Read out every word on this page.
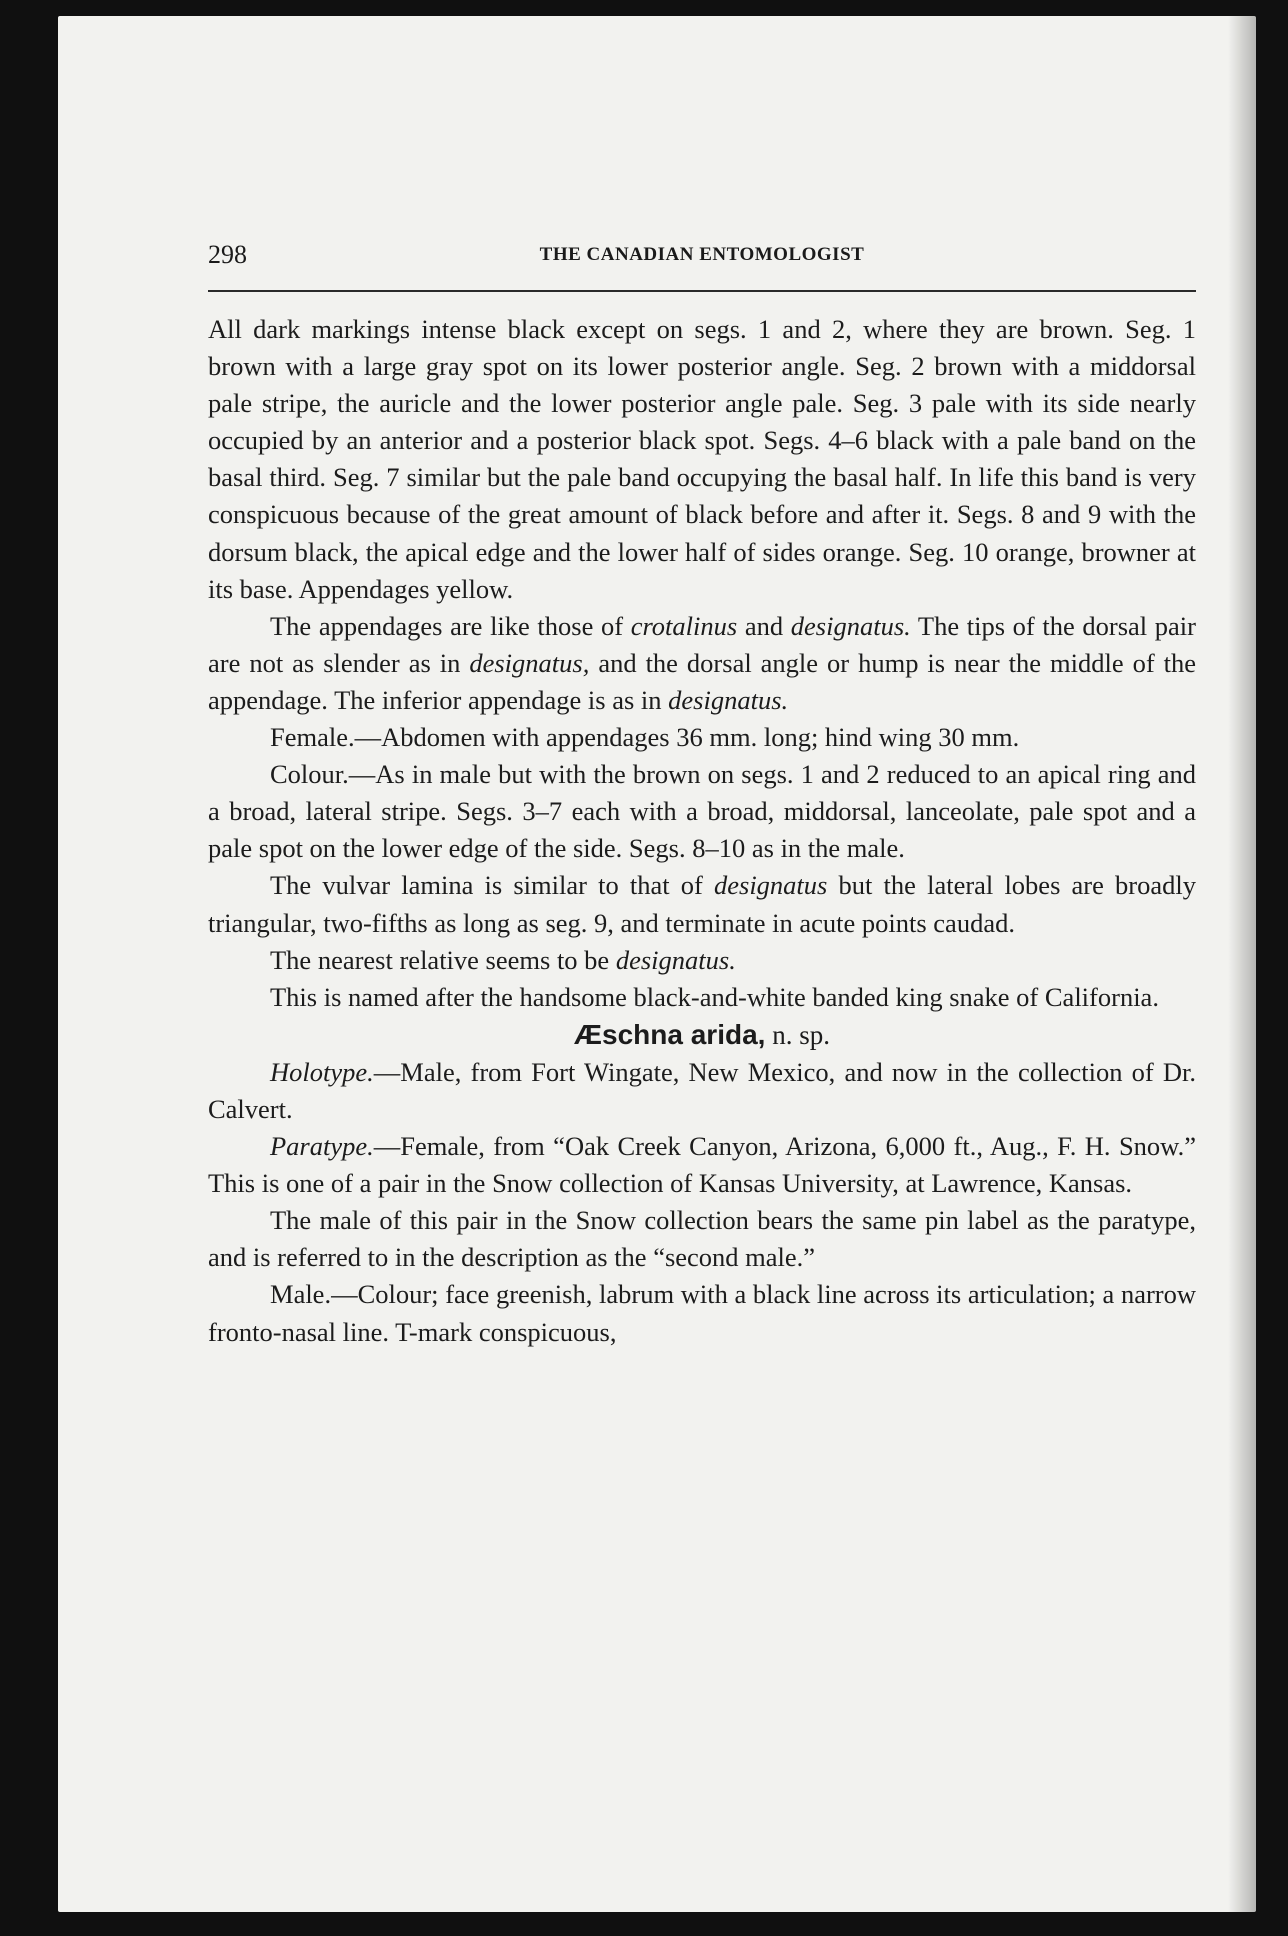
298	THE CANADIAN ENTOMOLOGIST

All dark markings intense black except on segs. 1 and 2, where they are brown. Seg. 1 brown with a large gray spot on its lower posterior angle. Seg. 2 brown with a middorsal pale stripe, the auricle and the lower posterior angle pale. Seg. 3 pale with its side nearly occupied by an anterior and a posterior black spot. Segs. 4–6 black with a pale band on the basal third. Seg. 7 similar but the pale band occupying the basal half. In life this band is very conspicuous because of the great amount of black before and after it. Segs. 8 and 9 with the dorsum black, the apical edge and the lower half of sides orange. Seg. 10 orange, browner at its base. Appendages yellow.

The appendages are like those of crotalinus and designatus. The tips of the dorsal pair are not as slender as in designatus, and the dorsal angle or hump is near the middle of the appendage. The inferior appendage is as in designatus.

Female.—Abdomen with appendages 36 mm. long; hind wing 30 mm.

Colour.—As in male but with the brown on segs. 1 and 2 reduced to an apical ring and a broad, lateral stripe. Segs. 3–7 each with a broad, middorsal, lanceolate, pale spot and a pale spot on the lower edge of the side. Segs. 8–10 as in the male.

The vulvar lamina is similar to that of designatus but the lateral lobes are broadly triangular, two-fifths as long as seg. 9, and terminate in acute points caudad.

The nearest relative seems to be designatus.

This is named after the handsome black-and-white banded king snake of California.

Æschna arida, n. sp.

Holotype.—Male, from Fort Wingate, New Mexico, and now in the collection of Dr. Calvert.

Paratype.—Female, from “Oak Creek Canyon, Arizona, 6,000 ft., Aug., F. H. Snow.” This is one of a pair in the Snow collection of Kansas University, at Lawrence, Kansas.

The male of this pair in the Snow collection bears the same pin label as the paratype, and is referred to in the description as the “second male.”

Male.—Colour; face greenish, labrum with a black line across its articulation; a narrow fronto-nasal line. T-mark conspicuous,
